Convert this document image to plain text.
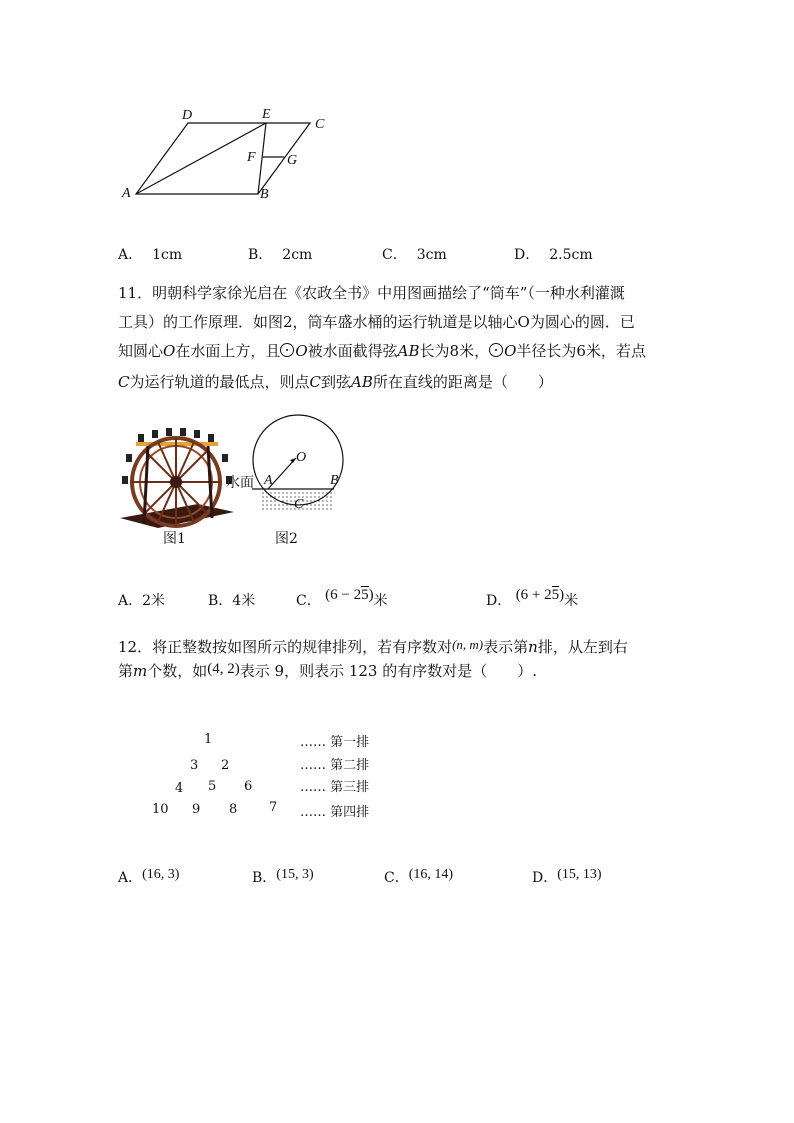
D	E
C
F G
A	B
A． 1cm	B． 2cm	C． 3cm	D． 2.5cm
11．明朝科学家徐光启在《农政全书》中用图画描绘了“筒车”（一种水利灌溉
工具）的工作原理．如图2，筒车盛水桶的运行轨道是以轴心O为圆心的圆．已
知圆心O在水面上方，且 O被水面截得弦AB长为8米， O半径长为6米，若点
C为运行轨道的最低点，则点C到弦AB所在直线的距离是（　　）
图1
O
水面 A	B
C
图2
A．2米	B．4米	C． (6 − 25)米	D． (6 + 25)米
12．将正整数按如图所示的规律排列，若有序数对(n, m)表示第n排，从左到右
第m个数，如(4, 2)表示 9，则表示 123 的有序数对是（　　）.
1
3 2
4 5 6
10 9 8 7
…… 第一排
…… 第二排
…… 第三排
…… 第四排
A．(16, 3)	B．(15, 3)	C．(16, 14)	D．(15, 13)
